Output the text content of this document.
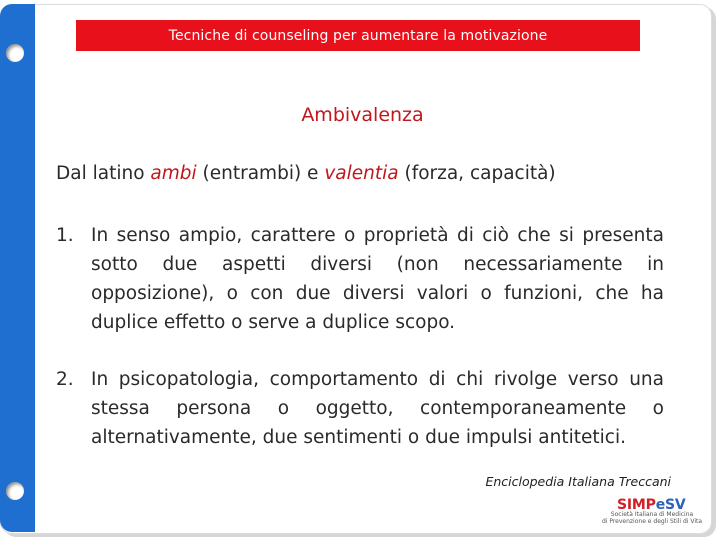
Tecniche di counseling per aumentare la motivazione
Ambivalenza
Dal latino ambi (entrambi) e valentia (forza, capacità)
1. In senso ampio, carattere o proprietà di ciò che si presenta sotto due aspetti diversi (non necessariamente in opposizione), o con due diversi valori o funzioni, che ha duplice effetto o serve a duplice scopo.
2. In psicopatologia, comportamento di chi rivolge verso una stessa persona o oggetto, contemporaneamente o alternativamente, due sentimenti o due impulsi antitetici.
Enciclopedia Italiana Treccani
SIMPeSV
Società Italiana di Medicina
di Prevenzione e degli Stili di Vita
